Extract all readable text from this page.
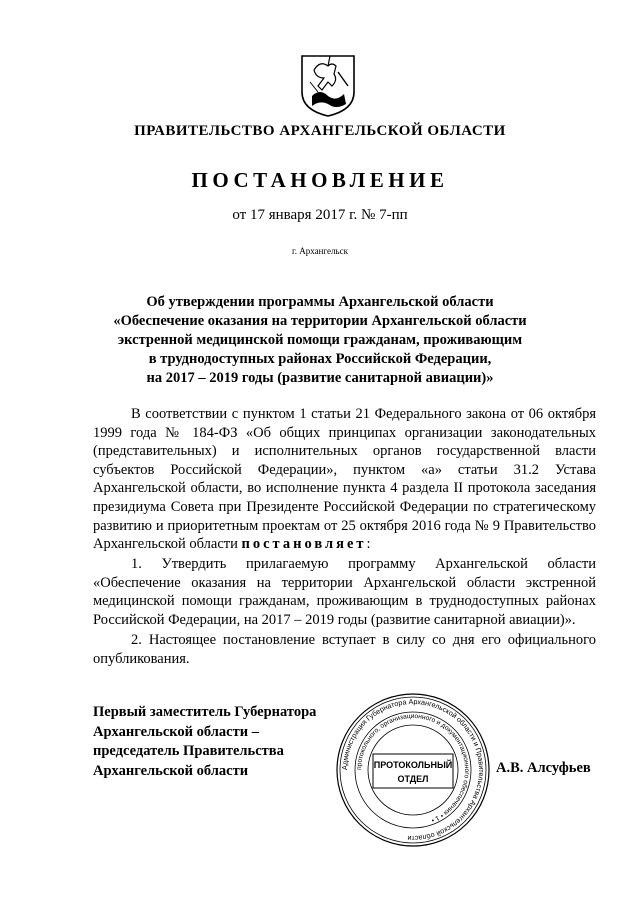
ПРАВИТЕЛЬСТВО АРХАНГЕЛЬСКОЙ ОБЛАСТИ
ПОСТАНОВЛЕНИЕ
от 17 января 2017 г. № 7-пп
г. Архангельск
Об утверждении программы Архангельской области
«Обеспечение оказания на территории Архангельской области
экстренной медицинской помощи гражданам, проживающим
в труднодоступных районах Российской Федерации,
на 2017 – 2019 годы (развитие санитарной авиации)»
В соответствии с пунктом 1 статьи 21 Федерального закона от 06 октября 1999 года № 184-ФЗ «Об общих принципах организации законодательных (представительных) и исполнительных органов государственной власти субъектов Российской Федерации», пунктом «а» статьи 31.2 Устава Архангельской области, во исполнение пункта 4 раздела II протокола заседания президиума Совета при Президенте Российской Федерации по стратегическому развитию и приоритетным проектам от 25 октября 2016 года № 9 Правительство Архангельской области постановляет:
1. Утвердить прилагаемую программу Архангельской области «Обеспечение оказания на территории Архангельской области экстренной медицинской помощи гражданам, проживающим в труднодоступных районах Российской Федерации, на 2017 – 2019 годы (развитие санитарной авиации)».
2. Настоящее постановление вступает в силу со дня его официального опубликования.
Первый заместитель Губернатора
Архангельской области –
председатель Правительства
Архангельской области	Администрация Губернатора Архангельской области и Правительства Архангельской области
протокольного, организационного и документационного обеспечения • 1 •
ПРОТОКОЛЬНЫЙ
ОТДЕЛ
А.В. Алсуфьев
